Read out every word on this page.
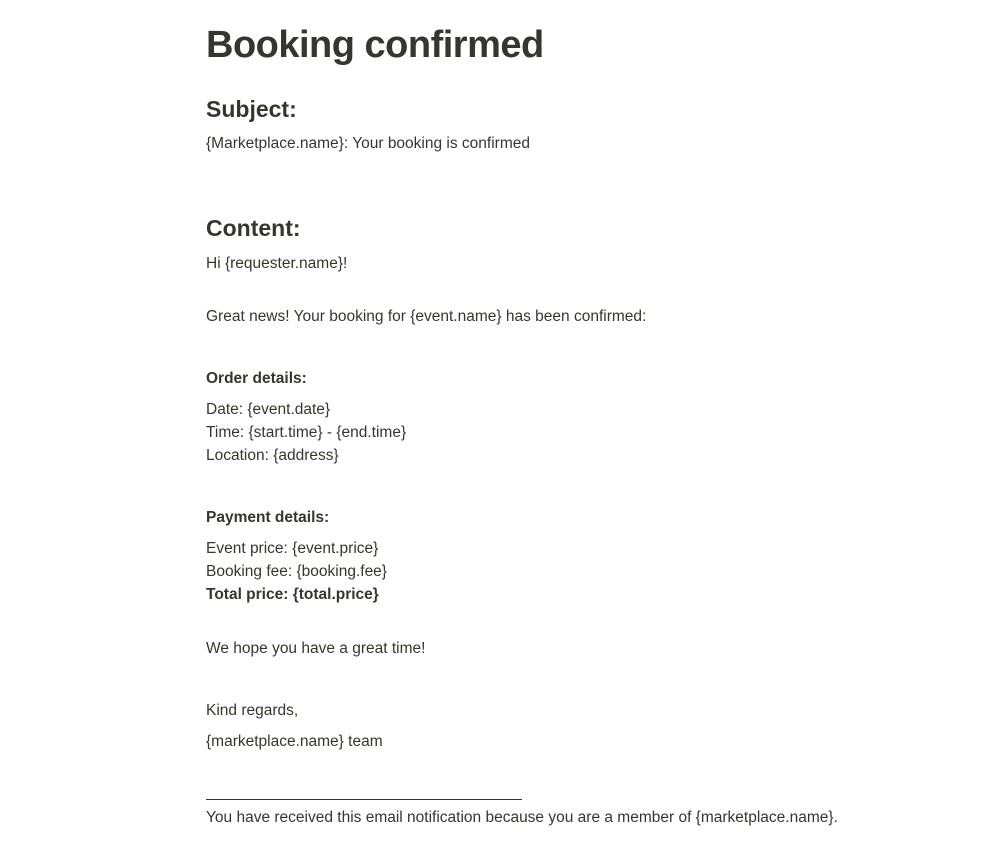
Booking confirmed
Subject:
{Marketplace.name}: Your booking is confirmed
Content:
Hi {requester.name}!
Great news! Your booking for {event.name} has been confirmed:
Order details:
Date: {event.date}
Time: {start.time} - {end.time}
Location: {address}
Payment details:
Event price: {event.price}
Booking fee: {booking.fee}
Total price: {total.price}
We hope you have a great time!
Kind regards,
{marketplace.name} team
You have received this email notification because you are a member of {marketplace.name}.
